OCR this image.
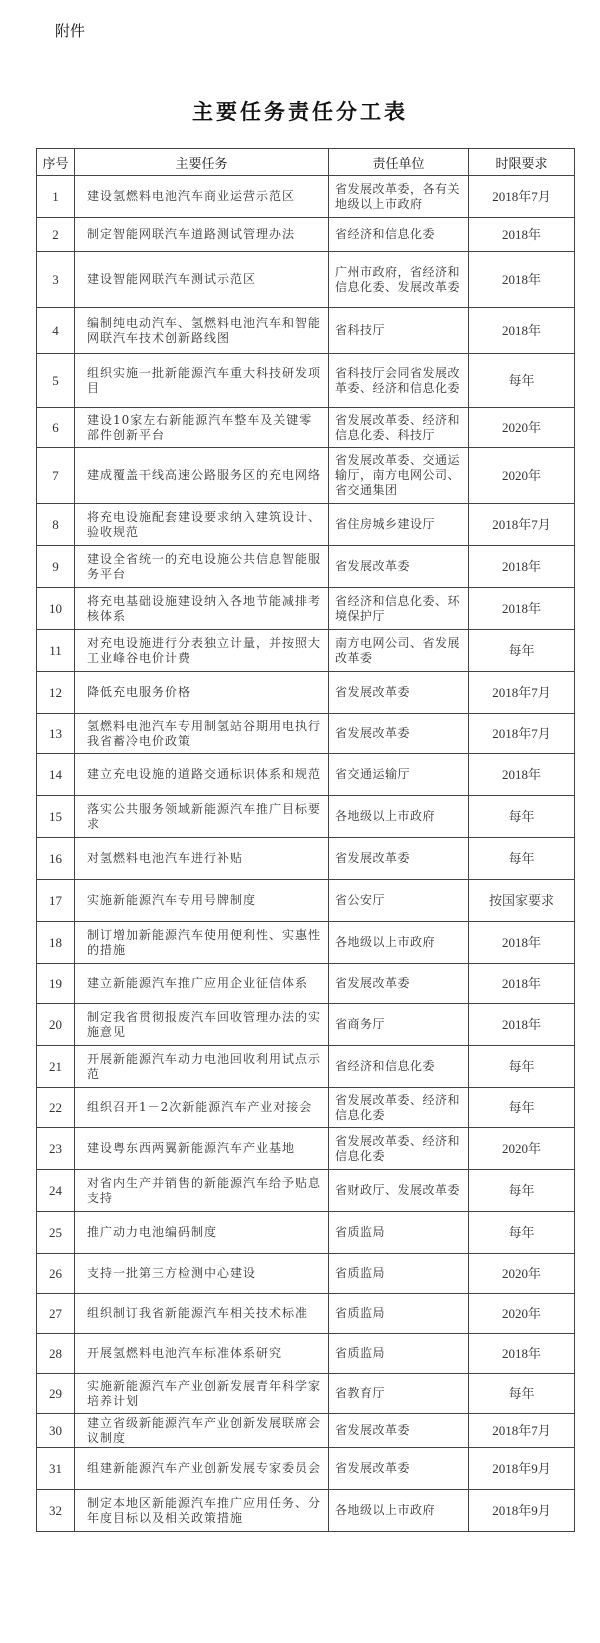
附件
主要任务责任分工表
序号	主要任务	责任单位	时限要求
1	建设氢燃料电池汽车商业运营示范区	省发展改革委，各有关地级以上市政府	2018年7月
2	制定智能网联汽车道路测试管理办法	省经济和信息化委	2018年
3	建设智能网联汽车测试示范区	广州市政府，省经济和信息化委、发展改革委	2018年
4	编制纯电动汽车、氢燃料电池汽车和智能网联汽车技术创新路线图	省科技厅	2018年
5	组织实施一批新能源汽车重大科技研发项目	省科技厅会同省发展改革委、经济和信息化委	每年
6	建设10家左右新能源汽车整车及关键零部件创新平台	省发展改革委、经济和信息化委、科技厅	2020年
7	建成覆盖干线高速公路服务区的充电网络	省发展改革委、交通运输厅，南方电网公司、省交通集团	2020年
8	将充电设施配套建设要求纳入建筑设计、验收规范	省住房城乡建设厅	2018年7月
9	建设全省统一的充电设施公共信息智能服务平台	省发展改革委	2018年
10	将充电基础设施建设纳入各地节能减排考核体系	省经济和信息化委、环境保护厅	2018年
11	对充电设施进行分表独立计量，并按照大工业峰谷电价计费	南方电网公司、省发展改革委	每年
12	降低充电服务价格	省发展改革委	2018年7月
13	氢燃料电池汽车专用制氢站谷期用电执行我省蓄冷电价政策	省发展改革委	2018年7月
14	建立充电设施的道路交通标识体系和规范	省交通运输厅	2018年
15	落实公共服务领域新能源汽车推广目标要求	各地级以上市政府	每年
16	对氢燃料电池汽车进行补贴	省发展改革委	每年
17	实施新能源汽车专用号牌制度	省公安厅	按国家要求
18	制订增加新能源汽车使用便利性、实惠性的措施	各地级以上市政府	2018年
19	建立新能源汽车推广应用企业征信体系	省发展改革委	2018年
20	制定我省贯彻报废汽车回收管理办法的实施意见	省商务厅	2018年
21	开展新能源汽车动力电池回收利用试点示范	省经济和信息化委	每年
22	组织召开1－2次新能源汽车产业对接会	省发展改革委、经济和信息化委	每年
23	建设粤东西两翼新能源汽车产业基地	省发展改革委、经济和信息化委	2020年
24	对省内生产并销售的新能源汽车给予贴息支持	省财政厅、发展改革委	每年
25	推广动力电池编码制度	省质监局	每年
26	支持一批第三方检测中心建设	省质监局	2020年
27	组织制订我省新能源汽车相关技术标准	省质监局	2020年
28	开展氢燃料电池汽车标准体系研究	省质监局	2018年
29	实施新能源汽车产业创新发展青年科学家培养计划	省教育厅	每年
30	建立省级新能源汽车产业创新发展联席会议制度	省发展改革委	2018年7月
31	组建新能源汽车产业创新发展专家委员会	省发展改革委	2018年9月
32	制定本地区新能源汽车推广应用任务、分年度目标以及相关政策措施	各地级以上市政府	2018年9月
